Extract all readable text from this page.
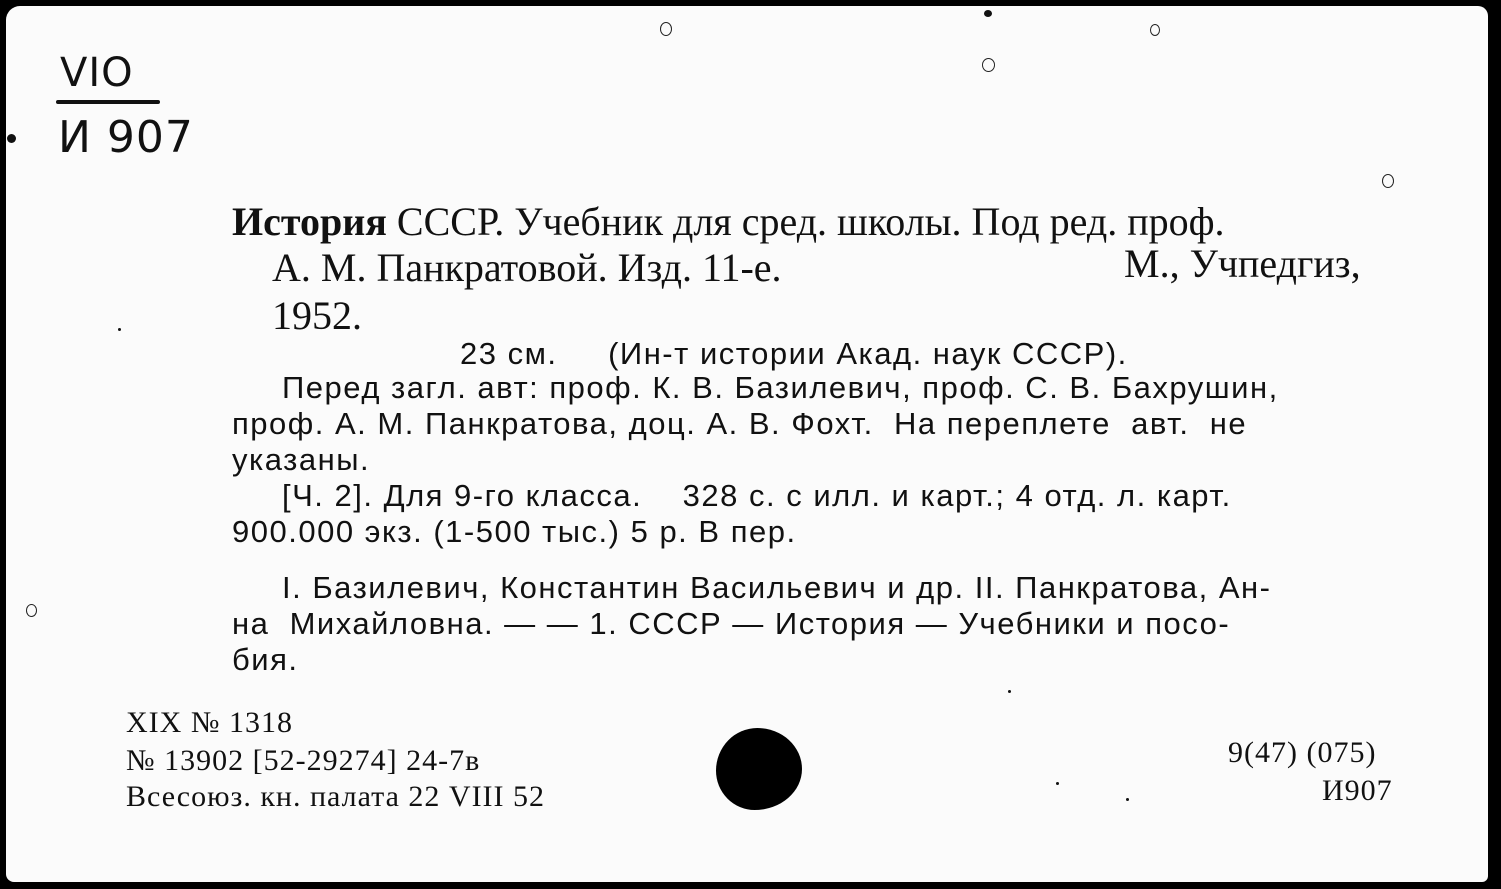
VIO
И 907
История СССР. Учебник для сред. школы. Под ред. проф.
А. М. Панкратовой. Изд. 11-е.	М., Учпедгиз,
1952.
23 см.     (Ин-т истории Акад. наук СССР).
Перед загл. авт: проф. К. В. Базилевич, проф. С. В. Бахрушин,
проф. А. М. Панкратова, доц. А. В. Фохт.  На переплете  авт.  не
указаны.
[Ч. 2]. Для 9-го класса.    328 с. с илл. и карт.; 4 отд. л. карт.
900.000 экз. (1-500 тыс.) 5 р. В пер.
I. Базилевич, Константин Васильевич и др. II. Панкратова, Ан-
на  Михайловна. — — 1. СССР — История — Учебники и посо-
бия.
XIX № 1318
№ 13902 [52-29274] 24-7в
Всесоюз. кн. палата 22 VIII 52
9(47) (075)
И907
